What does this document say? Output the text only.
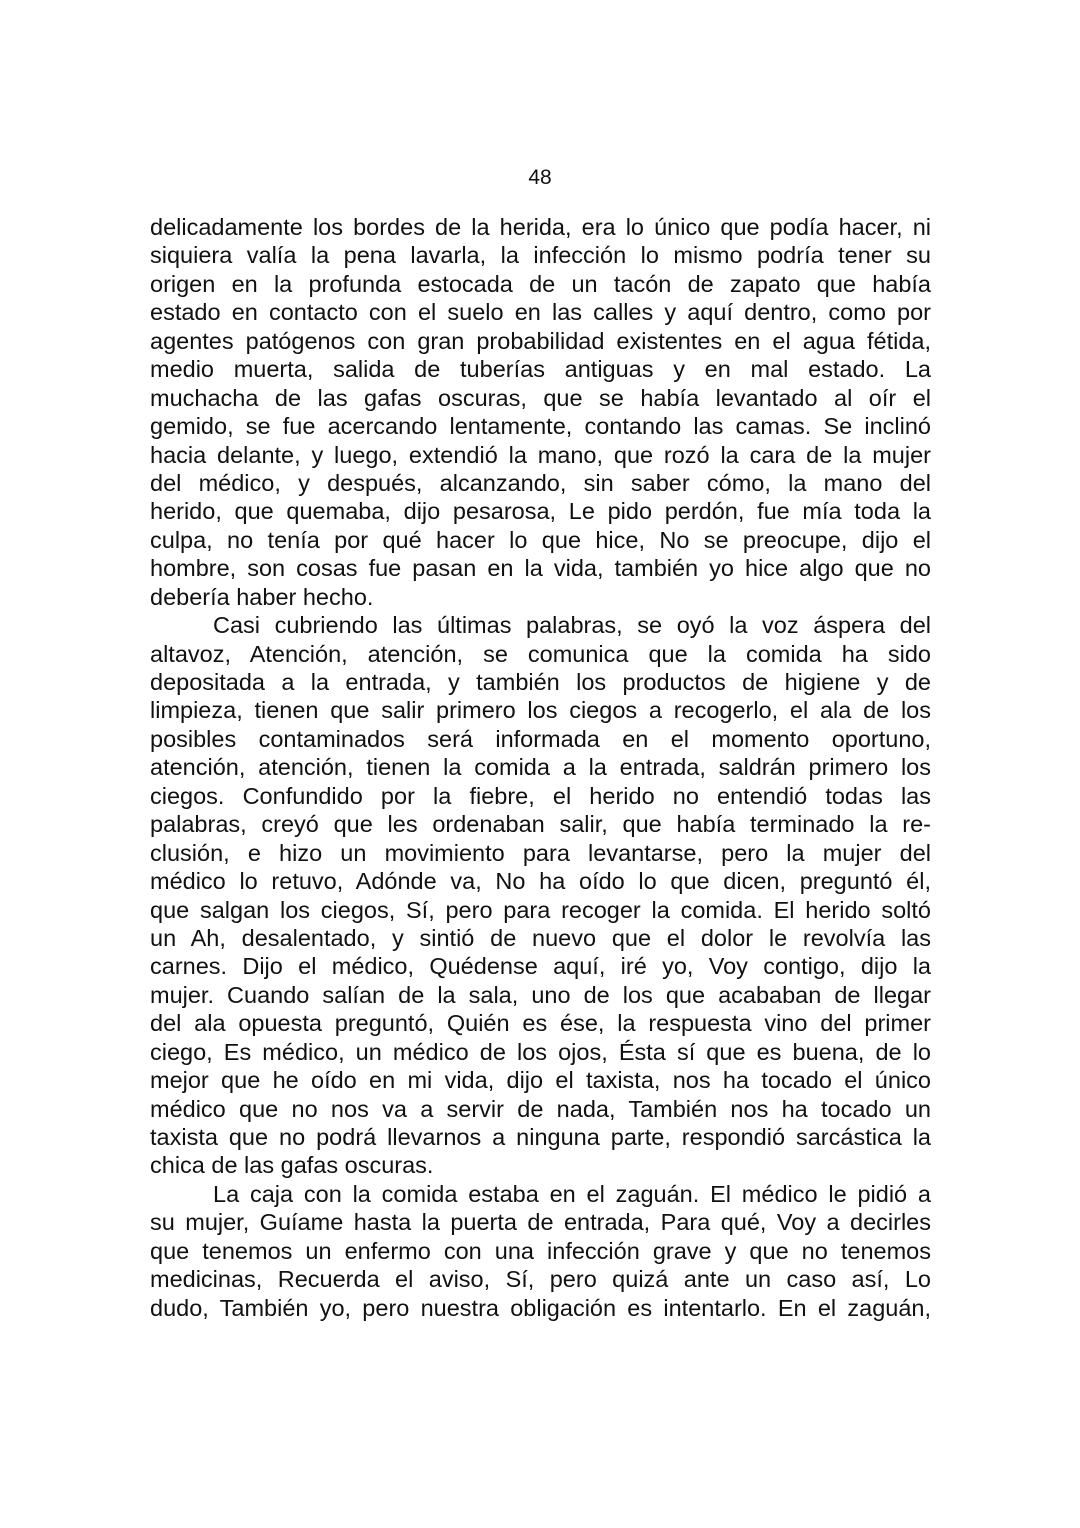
48
delicadamente los bordes de la herida, era lo único que podía hacer, ni
siquiera valía la pena lavarla, la infección lo mismo podría tener su
origen en la profunda estocada de un tacón de zapato que había
estado en contacto con el suelo en las calles y aquí dentro, como por
agentes patógenos con gran probabilidad existentes en el agua fétida,
medio muerta, salida de tuberías antiguas y en mal estado. La
muchacha de las gafas oscuras, que se había levantado al oír el
gemido, se fue acercando lentamente, contando las camas. Se inclinó
hacia delante, y luego, extendió la mano, que rozó la cara de la mujer
del médico, y después, alcanzando, sin saber cómo, la mano del
herido, que quemaba, dijo pesarosa, Le pido perdón, fue mía toda la
culpa, no tenía por qué hacer lo que hice, No se preocupe, dijo el
hombre, son cosas fue pasan en la vida, también yo hice algo que no
debería haber hecho.
Casi cubriendo las últimas palabras, se oyó la voz áspera del
altavoz, Atención, atención, se comunica que la comida ha sido
depositada a la entrada, y también los productos de higiene y de
limpieza, tienen que salir primero los ciegos a recogerlo, el ala de los
posibles contaminados será informada en el momento oportuno,
atención, atención, tienen la comida a la entrada, saldrán primero los
ciegos. Confundido por la fiebre, el herido no entendió todas las
palabras, creyó que les ordenaban salir, que había terminado la re-
clusión, e hizo un movimiento para levantarse, pero la mujer del
médico lo retuvo, Adónde va, No ha oído lo que dicen, preguntó él,
que salgan los ciegos, Sí, pero para recoger la comida. El herido soltó
un Ah, desalentado, y sintió de nuevo que el dolor le revolvía las
carnes. Dijo el médico, Quédense aquí, iré yo, Voy contigo, dijo la
mujer. Cuando salían de la sala, uno de los que acababan de llegar
del ala opuesta preguntó, Quién es ése, la respuesta vino del primer
ciego, Es médico, un médico de los ojos, Ésta sí que es buena, de lo
mejor que he oído en mi vida, dijo el taxista, nos ha tocado el único
médico que no nos va a servir de nada, También nos ha tocado un
taxista que no podrá llevarnos a ninguna parte, respondió sarcástica la
chica de las gafas oscuras.
La caja con la comida estaba en el zaguán. El médico le pidió a
su mujer, Guíame hasta la puerta de entrada, Para qué, Voy a decirles
que tenemos un enfermo con una infección grave y que no tenemos
medicinas, Recuerda el aviso, Sí, pero quizá ante un caso así, Lo
dudo, También yo, pero nuestra obligación es intentarlo. En el zaguán,
